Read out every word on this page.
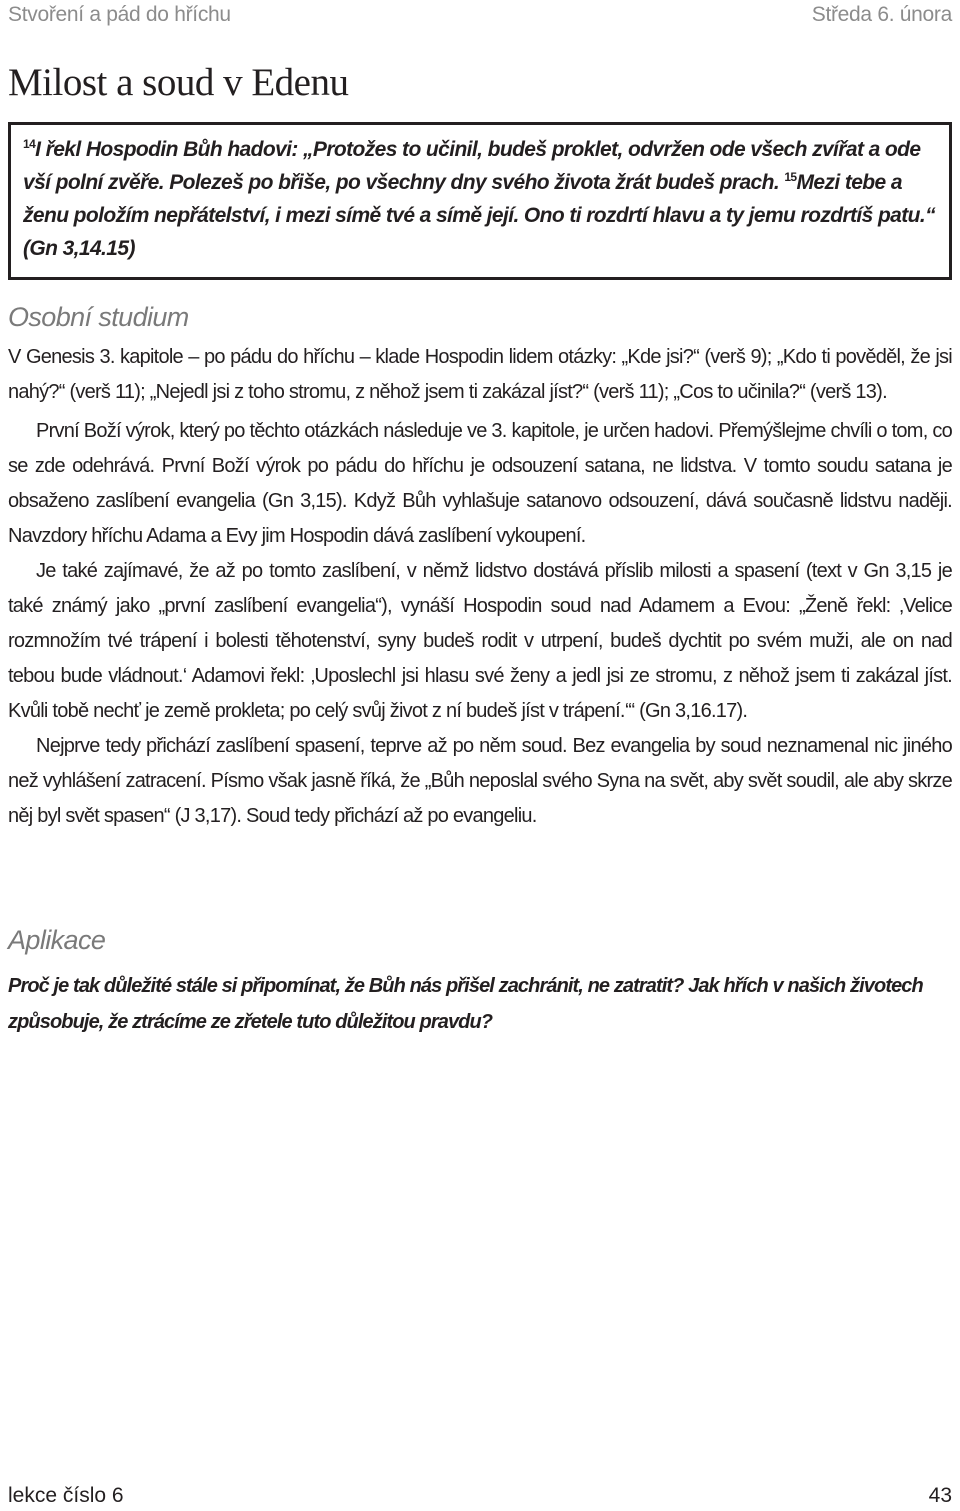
Stvoření a pád do hříchu	Středa 6. února
Milost a soud v Edenu

$^{14}$I řekl Hospodin Bůh hadovi: „Protožes to učinil, budeš proklet, odvržen ode všech zvířat a ode vší polní zvěře. Polezeš po břiše, po všechny dny svého života žrát budeš prach. $^{15}$Mezi tebe a ženu položím nepřátelství, i mezi símě tvé a símě její. Ono ti rozdrtí hlavu a ty jemu rozdrtíš patu.“ (Gn 3,14.15)

Osobní studium

V Genesis 3. kapitole – po pádu do hříchu – klade Hospodin lidem otázky: „Kde jsi?“ (verš 9); „Kdo ti pověděl, že jsi nahý?“ (verš 11); „Nejedl jsi z toho stromu, z něhož jsem ti zakázal jíst?“ (verš 11); „Cos to učinila?“ (verš 13).

První Boží výrok, který po těchto otázkách následuje ve 3. kapitole, je určen hadovi. Přemýšlejme chvíli o tom, co se zde odehrává. První Boží výrok po pádu do hříchu je odsouzení satana, ne lidstva. V tomto soudu satana je obsaženo zaslíbení evangelia (Gn 3,15). Když Bůh vyhlašuje satanovo odsouzení, dává současně lidstvu naději. Navzdory hříchu Adama a Evy jim Hospodin dává zaslíbení vykoupení.

Je také zajímavé, že až po tomto zaslíbení, v němž lidstvo dostává příslib milosti a spasení (text v Gn 3,15 je také známý jako „první zaslíbení evangelia“), vynáší Hospodin soud nad Adamem a Evou: „Ženě řekl: ‚Velice rozmnožím tvé trápení i bolesti těhotenství, syny budeš rodit v utrpení, budeš dychtit po svém muži, ale on nad tebou bude vládnout.‘ Adamovi řekl: ‚Uposlechl jsi hlasu své ženy a jedl jsi ze stromu, z něhož jsem ti zakázal jíst. Kvůli tobě nechť je země prokleta; po celý svůj život z ní budeš jíst v trápení.‘“ (Gn 3,16.17).

Nejprve tedy přichází zaslíbení spasení, teprve až po něm soud. Bez evangelia by soud neznamenal nic jiného než vyhlášení zatracení. Písmo však jasně říká, že „Bůh neposlal svého Syna na svět, aby svět soudil, ale aby skrze něj byl svět spasen“ (J 3,17). Soud tedy přichází až po evangeliu.

Aplikace

Proč je tak důležité stále si připomínat, že Bůh nás přišel zachránit, ne zatratit? Jak hřích v našich životech způsobuje, že ztrácíme ze zřetele tuto důležitou pravdu?

lekce číslo 6	43
